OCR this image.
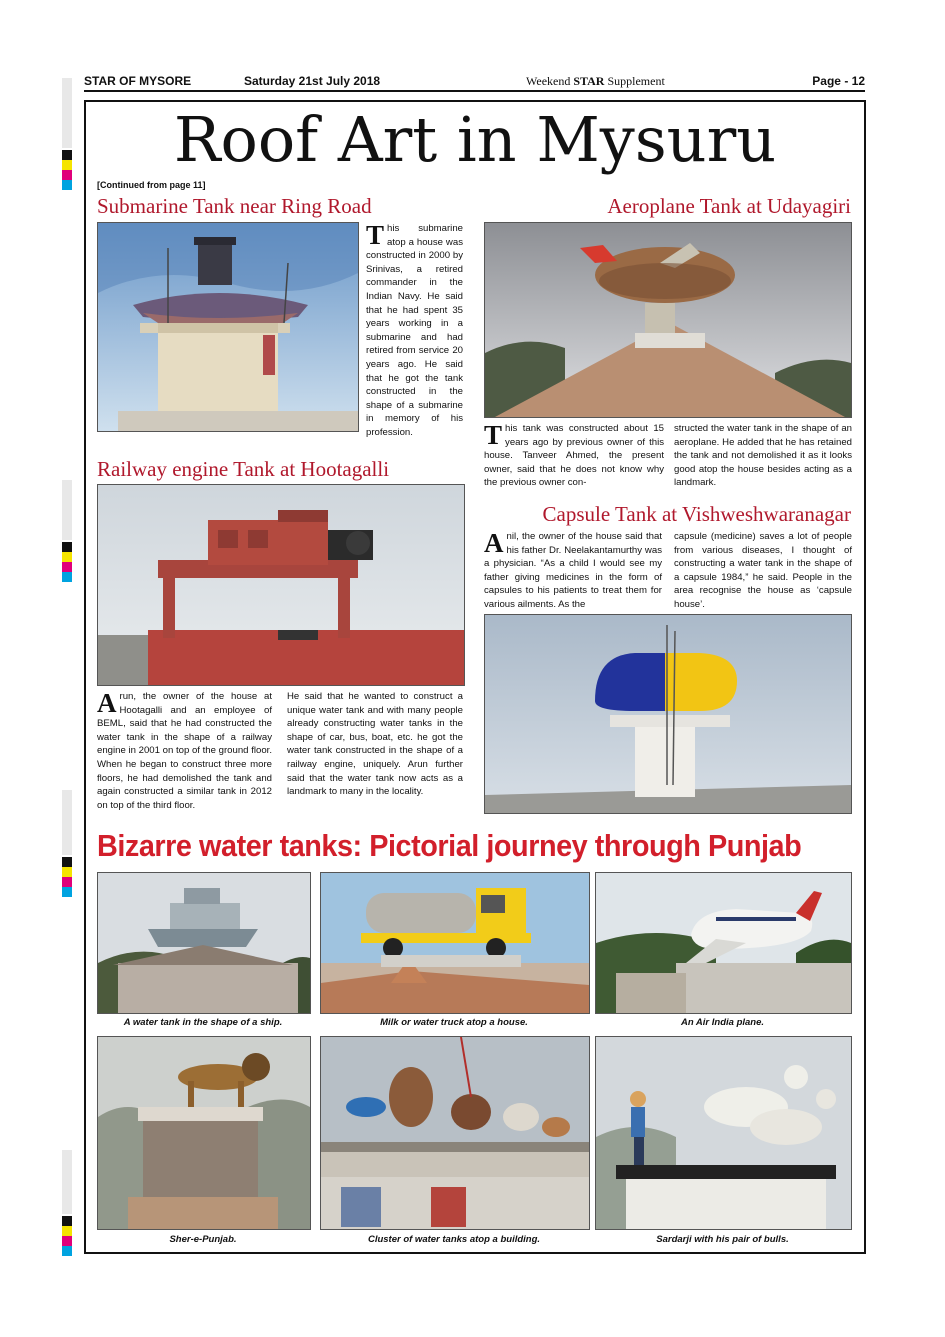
STAR OF MYSORE	Saturday 21st July 2018	Weekend STAR Supplement	Page - 12
Roof Art in Mysuru
[Continued from page 11]
Submarine Tank near Ring Road
This submarine atop a house was constructed in 2000 by Srinivas, a retired commander in the Indian Navy. He said that he had spent 35 years working in a submarine and had retired from service 20 years ago. He said that he got the tank constructed in the shape of a submarine in memory of his profession.
Aeroplane Tank at Udayagiri
This tank was constructed about 15 years ago by previous owner of this house. Tanveer Ahmed, the present owner, said that he does not know why the previous owner con-
structed the water tank in the shape of an aeroplane. He added that he has retained the tank and not demolished it as it looks good atop the house besides acting as a landmark.
Railway engine Tank at Hootagalli
Arun, the owner of the house at Hootagalli and an employee of BEML, said that he had constructed the water tank in the shape of a railway engine in 2001 on top of the ground floor. When he began to construct three more floors, he had demolished the tank and again constructed a similar tank in 2012 on top of the third floor.
He said that he wanted to construct a unique water tank and with many people already constructing water tanks in the shape of car, bus, boat, etc. he got the water tank constructed in the shape of a railway engine, uniquely. Arun further said that the water tank now acts as a landmark to many in the locality.
Capsule Tank at Vishweshwaranagar
Anil, the owner of the house said that his father Dr. Neelakantamurthy was a physician. “As a child I would see my father giving medicines in the form of capsules to his patients to treat them for various ailments. As the
capsule (medicine) saves a lot of people from various diseases, I thought of constructing a water tank in the shape of a capsule 1984,” he said. People in the area recognise the house as ‘capsule house’.
Bizarre water tanks: Pictorial journey through Punjab
A water tank in the shape of a ship.	Milk or water truck atop a house.	An Air India plane.
Sher-e-Punjab.	Cluster of water tanks atop a building.	Sardarji with his pair of bulls.
